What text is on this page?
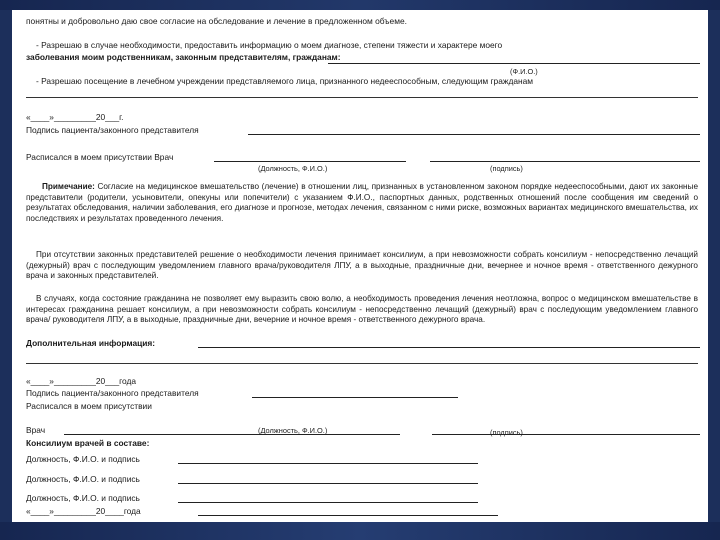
понятны и добровольно даю свое согласие на обследование и лечение в предложенном объеме.
- Разрешаю в случае необходимости, предоставить информацию о моем диагнозе, степени тяжести и характере моего
заболевания моим родственникам, законным представителям, гражданам:
(Ф.И.О.)
- Разрешаю посещение в лечебном учреждении представляемого лица, признанного недееспособным, следующим гражданам
«____»_________20___г.
Подпись пациента/законного представителя
Расписался в моем присутствии Врач
(Должность, Ф.И.О.)	(подпись)
Примечание: Согласие на медицинское вмешательство (лечение) в отношении лиц, признанных в установленном законом порядке недееспособными, дают их законные представители (родители, усыновители, опекуны или попечители) с указанием Ф.И.О., паспортных данных, родственных отношений после сообщения им сведений о результатах обследования, наличии заболевания, его диагнозе и прогнозе, методах лечения, связанном с ними риске, возможных вариантах медицинского вмешательства, их последствиях и результатах проведенного лечения.
При отсутствии законных представителей решение о необходимости лечения принимает консилиум, а при невозможности собрать консилиум - непосредственно лечащий (дежурный) врач с последующим уведомлением главного врача/руководителя ЛПУ, а в выходные, праздничные дни, вечернее и ночное время - ответственного дежурного врача и законных представителей.
В случаях, когда состояние гражданина не позволяет ему выразить свою волю, а необходимость проведения лечения неотложна, вопрос о медицинском вмешательстве в интересах гражданина решает консилиум, а при невозможности собрать консилиум - непосредственно лечащий (дежурный) врач с последующим уведомлением главного врача/ руководителя ЛПУ, а в выходные, праздничные дни, вечерние и ночное время - ответственного дежурного врача.
Дополнительная информация:
«____»_________20___года
Подпись пациента/законного представителя
Расписался в моем присутствии
Врач	(Должность, Ф.И.О.)	(подпись)
Консилиум врачей в составе:
Должность, Ф.И.О. и подпись
Должность, Ф.И.О. и подпись
Должность, Ф.И.О. и подпись
«____»_________20____года
